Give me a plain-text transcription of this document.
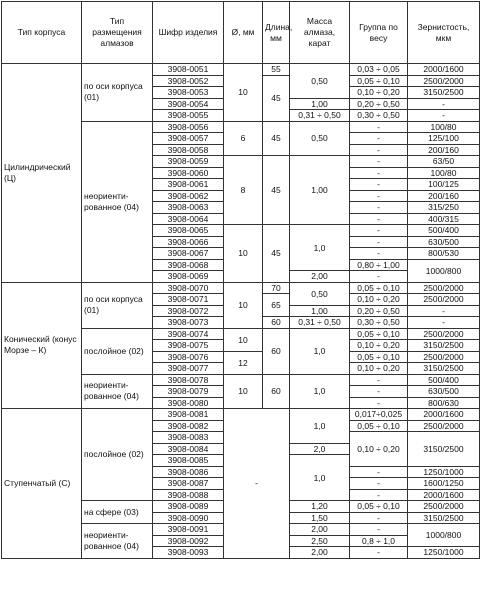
Тип корпуса	Тип размещения алмазов	Шифр изделия	Ø, мм	Длина, мм	Масса алмаза, карат	Группа по весу	Зернистость, мкм
Цилиндрический (Ц)	по оси корпуса (01)	3908-0051	10	55	0,50	0,03 ÷ 0,05	2000/1600
		3908-0052		45		0,05 ÷ 0,10	2500/2000
		3908-0053				0,10 ÷ 0,20	3150/2500
		3908-0054			1,00	0,20 ÷ 0,50	-
		3908-0055			0,31 ÷ 0,50	0,30 ÷ 0,50	-
	неориенти- рованное (04)	3908-0056	6	45	0,50	-	100/80
		3908-0057				-	125/100
		3908-0058				-	200/160
		3908-0059	8	45	1,00	-	63/50
		3908-0060				-	100/80
		3908-0061				-	100/125
		3908-0062				-	200/160
		3908-0063				-	315/250
		3908-0064				-	400/315
		3908-0065	10	45	1,0	-	500/400
		3908-0066				-	630/500
		3908-0067				-	800/530
		3908-0068				0,80 ÷ 1,00	1000/800
		3908-0069			2,00	-	
Конический (конус Морзе – К)	по оси корпуса (01)	3908-0070	10	70	0,50	0,05 ÷ 0,10	2500/2000
		3908-0071		65		0,10 ÷ 0,20	2500/2000
		3908-0072			1,00	0,20 ÷ 0,50	-
		3908-0073		60	0,31 ÷ 0,50	0,30 ÷ 0,50	-
	послойное (02)	3908-0074	10	60	1,0	0,05 ÷ 0,10	2500/2000
		3908-0075				0,10 ÷ 0,20	3150/2500
		3908-0076	12			0,05 ÷ 0,10	2500/2000
		3908-0077				0,10 ÷ 0,20	3150/2500
	неориенти- рованное (04)	3908-0078	10	60	1,0	-	500/400
		3908-0079				-	630/500
		3908-0080				-	800/630
Ступенчатый (С)	послойное (02)	3908-0081	-		1,0	0,017÷0,025	2000/1600
		3908-0082				0,05 ÷ 0,10	2500/2000
		3908-0083				0,10 ÷ 0,20	3150/2500
		3908-0084			2,0		
		3908-0085			1,0		
		3908-0086				-	1250/1000
		3908-0087				-	1600/1250
		3908-0088				-	2000/1600
	на сфере (03)	3908-0089			1,20	0,05 ÷ 0,10	2500/2000
		3908-0090			1,50	-	3150/2500
	неориенти- рованное (04)	3908-0091			2,00	-	1000/800
		3908-0092			2,50	0,8 ÷ 1,0	
		3908-0093			2,00	-	1250/1000
